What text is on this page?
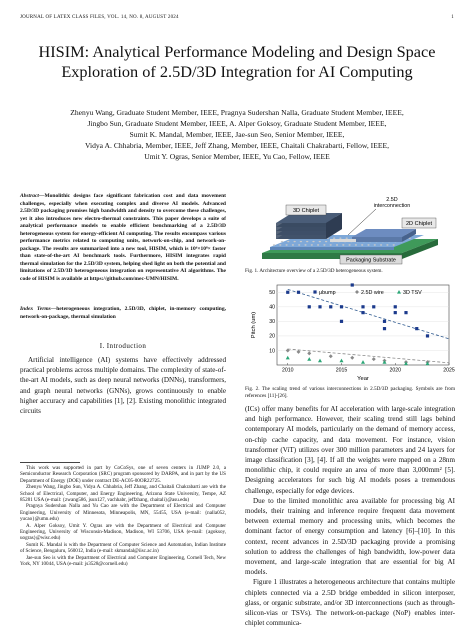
JOURNAL OF LATEX CLASS FILES, VOL. 14, NO. 8, AUGUST 2024	1
HISIM: Analytical Performance Modeling and Design Space Exploration of 2.5D/3D Integration for AI Computing
Zhenyu Wang, Graduate Student Member, IEEE, Pragnya Sudershan Nalla, Graduate Student Member, IEEE,
Jingbo Sun, Graduate Student Member, IEEE, A. Alper Goksoy, Graduate Student Member, IEEE,
Sumit K. Mandal, Member, IEEE, Jae-sun Seo, Senior Member, IEEE,
Vidya A. Chhabria, Member, IEEE, Jeff Zhang, Member, IEEE, Chaitali Chakrabarti, Fellow, IEEE,
Umit Y. Ogras, Senior Member, IEEE, Yu Cao, Fellow, IEEE
Abstract—Monolithic designs face significant fabrication cost and data movement challenges, especially when executing complex and diverse AI models. Advanced 2.5D/3D packaging promises high bandwidth and density to overcome these challenges, yet it also introduces new electro-thermal constraints. This paper develops a suite of analytical performance models to enable efficient benchmarking of a 2.5D/3D heterogeneous system for energy-efficient AI computing. The results encompass various performance metrics related to computing units, network-on-chip, and network-on-package. The results are summarized into a new tool, HISIM, which is 10⁶×10⁸× faster than state-of-the-art AI benchmark tools. Furthermore, HISIM integrates rapid thermal simulation for the 2.5D/3D system, helping shed light on both the potential and limitations of 2.5D/3D heterogeneous integration on representative AI algorithms. The code of HISIM is available at https://github.com/mec-UMN/HISIM.
Index Terms—heterogeneous integration, 2.5D/3D, chiplet, in-memory computing, network-on-package, thermal simulation
I. Introduction
Artificial intelligence (AI) systems have effectively addressed practical problems across multiple domains. The complexity of state-of-the-art AI models, such as deep neural networks (DNNs), transformers, and graph neural networks (GNNs), grows continuously to enable higher accuracy and capabilities [1], [2]. Existing monolithic integrated circuits

This work was supported in part by CoCoSys, one of seven centers in JUMP 2.0, a Semiconductor Research Corporation (SRC) program sponsored by DARPA, and in part by the US Department of Energy (DOE) under contract DE-AC05-00OR22725.

Zhenyu Wang, Jingbo Sun, Vidya A. Chhabria, Jeff Zhang, and Chaitali Chakrabarti are with the School of Electrical, Computer, and Energy Engineering, Arizona State University, Tempe, AZ 85281 USA (e-mail: {zwang586, jsun127, vachhabr, jeffzhang, chaitali}@asu.edu)

Pragnya Sudershan Nalla and Yu Cao are with the Department of Electrical and Computer Engineering, University of Minnesota, Minneapolis, MN, 55455, USA (e-mail: {nalla052, yucao}@umn.edu)

A. Alper Goksoy, Umit Y. Ogras are with the Department of Electrical and Computer Engineering, University of Wisconsin-Madison, Madison, WI 53706, USA (e-mail: {agoksoy, uogras}@wisc.edu)

Sumit K. Mandal is with the Department of Computer Science and Automation, Indian Institute of Science, Bengaluru, 560012, India (e-mail: skmandal@iisc.ac.in)

Jae-sun Seo is with the Department of Electrical and Computer Engineering, Cornell Tech, New York, NY 10044, USA (e-mail: js3528@cornell.edu)

3D Chiplet
2.5D interconnection
2D Chiplet
Packaging Substrate
Fig. 1. Architecture overview of a 2.5D/3D heterogeneous system.
10
20
30
40
50
2010	2015	2020	2025
μbump	2.5D wire	3D TSV
Year
Pitch (um)
Fig. 2. The scaling trend of various interconnections in 2.5D/3D packaging. Symbols are from references [11]-[26].

(ICs) offer many benefits for AI acceleration with large-scale integration and high performance. However, their scaling trend still lags behind contemporary AI models, particularly on the demand of memory access, on-chip cache capacity, and data movement. For instance, vision transformer (ViT) utilizes over 300 million parameters and 24 layers for image classification [3], [4]. If all the weights were mapped on a 28nm monolithic chip, it could require an area of more than 3,000mm² [5]. Designing accelerators for such big AI models poses a tremendous challenge, especially for edge devices.

Due to the limited monolithic area available for processing big AI models, their training and inference require frequent data movement between external memory and processing units, which becomes the dominant factor of energy consumption and latency [6]–[10]. In this context, recent advances in 2.5D/3D packaging provide a promising solution to address the challenges of high bandwidth, low-power data movement, and large-scale integration that are essential for big AI models.

Figure 1 illustrates a heterogeneous architecture that contains multiple chiplets connected via a 2.5D bridge embedded in silicon interposer, glass, or organic substrate, and/or 3D interconnections (such as through-silicon-vias or TSVs). The network-on-package (NoP) enables inter-chiplet communica-
